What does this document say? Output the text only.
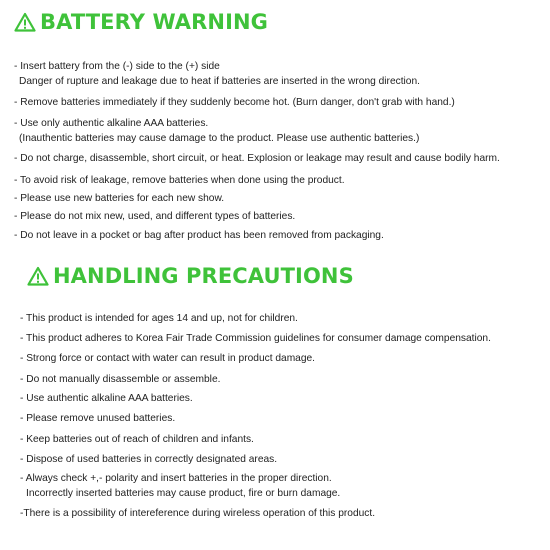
BATTERY WARNING
- Insert battery from the (-) side to the (+) side
Danger of rupture and leakage due to heat if batteries are inserted in the wrong direction.
- Remove batteries immediately if they suddenly become hot. (Burn danger, don't grab with hand.)
- Use only authentic alkaline AAA batteries.
(Inauthentic batteries may cause damage to the product. Please use authentic batteries.)
- Do not charge, disassemble, short circuit, or heat. Explosion or leakage may result and cause bodily harm.
- To avoid risk of leakage, remove batteries when done using the product.
- Please use new batteries for each new show.
- Please do not mix new, used, and different types of batteries.
- Do not leave in a pocket or bag after product has been removed from packaging.
HANDLING PRECAUTIONS
- This product is intended for ages 14 and up, not for children.
- This product adheres to Korea Fair Trade Commission guidelines for consumer damage compensation.
- Strong force or contact with water can result in product damage.
- Do not manually disassemble or assemble.
- Use authentic alkaline AAA batteries.
- Please remove unused batteries.
- Keep batteries out of reach of children and infants.
- Dispose of used batteries in correctly designated areas.
- Always check +,- polarity and insert batteries in the proper direction.
Incorrectly inserted batteries may cause product, fire or burn damage.
-There is a possibility of intereference during wireless operation of this product.
